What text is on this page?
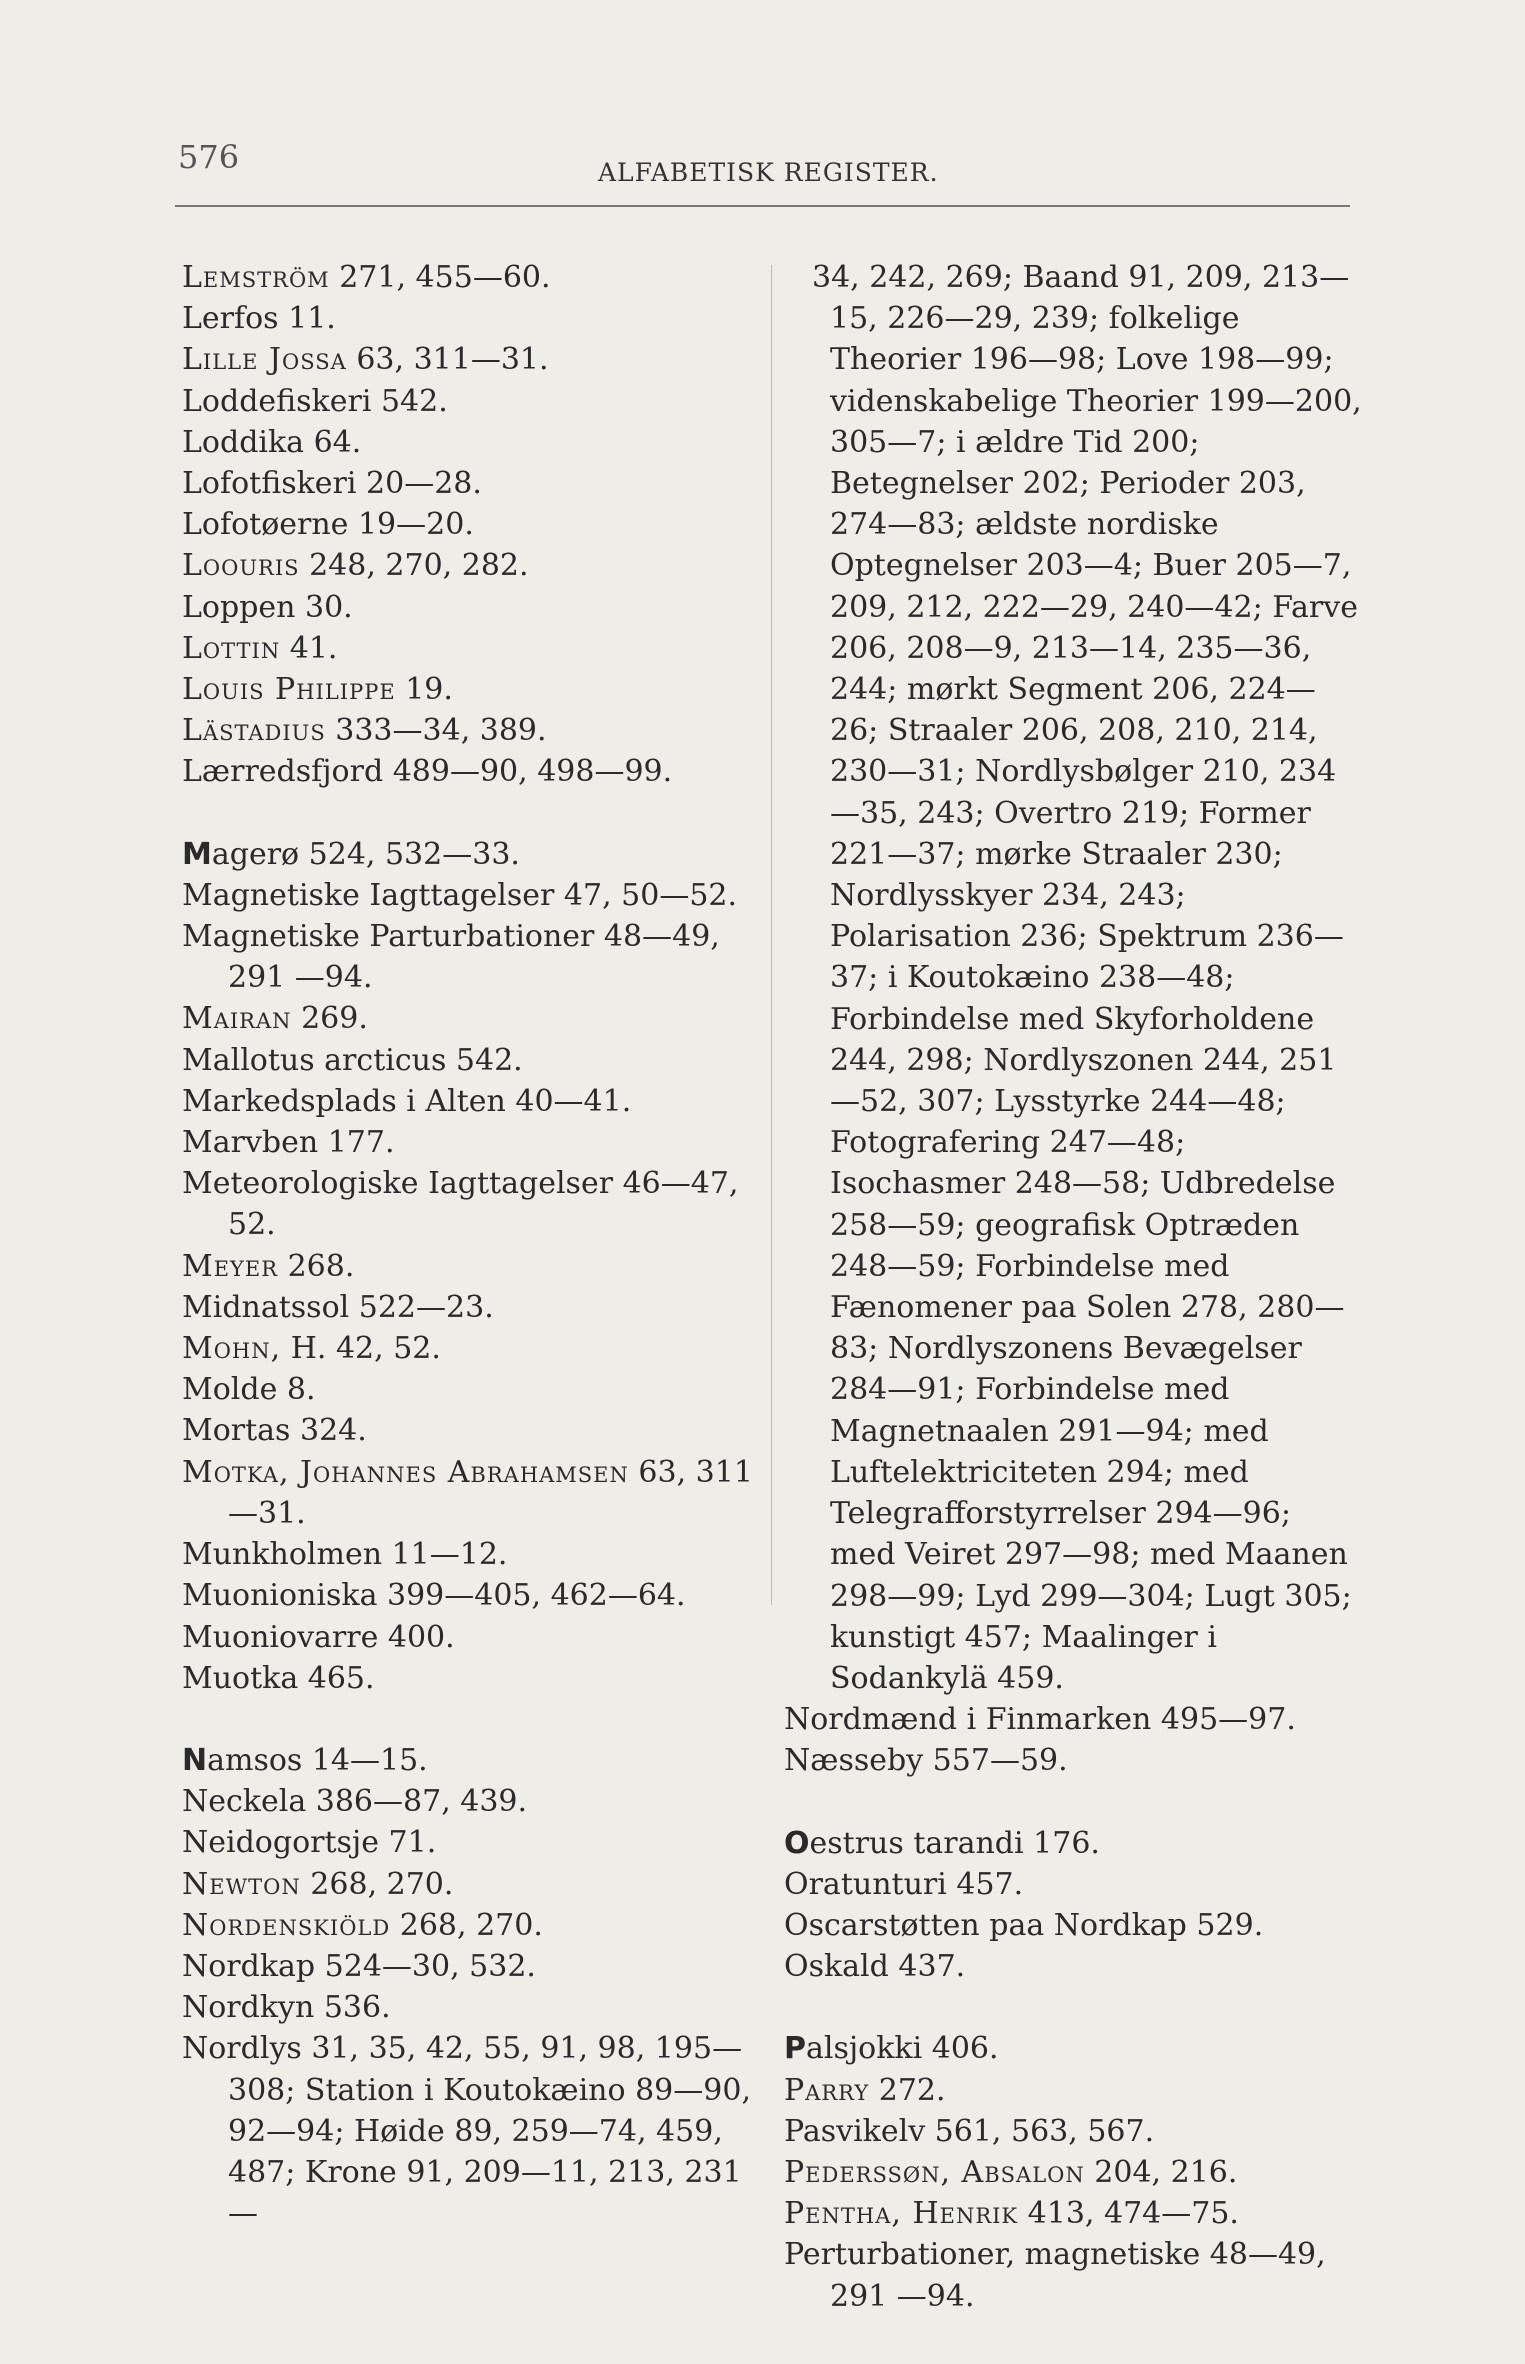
576	ALFABETISK REGISTER.

Lemström 271, 455—60.

Lerfos 11.

Lille Jossa 63, 311—31.

Loddefiskeri 542.

Loddika 64.

Lofotfiskeri 20—28.

Lofotøerne 19—20.

Loouris 248, 270, 282.

Loppen 30.

Lottin 41.

Louis Philippe 19.

Lästadius 333—34, 389.

Lærredsfjord 489—90, 498—99.

Magerø 524, 532—33.

Magnetiske Iagttagelser 47, 50—52.

Magnetiske Parturbationer 48—49, 291 —94.

Mairan 269.

Mallotus arcticus 542.

Markedsplads i Alten 40—41.

Marvben 177.

Meteorologiske Iagttagelser 46—47, 52.

Meyer 268.

Midnatssol 522—23.

Mohn, H. 42, 52.

Molde 8.

Mortas 324.

Motka, Johannes Abrahamsen 63, 311 —31.

Munkholmen 11—12.

Muonioniska 399—405, 462—64.

Muoniovarre 400.

Muotka 465.

Namsos 14—15.

Neckela 386—87, 439.

Neidogortsje 71.

Newton 268, 270.

Nordenskiöld 268, 270.

Nordkap 524—30, 532.

Nordkyn 536.

Nordlys 31, 35, 42, 55, 91, 98, 195—308; Station i Koutokæino 89—90, 92—94; Høide 89, 259—74, 459, 487; Krone 91, 209—11, 213, 231—

34, 242, 269; Baand 91, 209, 213—15, 226—29, 239; folkelige Theorier 196—98; Love 198—99; videnskabelige Theorier 199—200, 305—7; i ældre Tid 200; Betegnelser 202; Perioder 203, 274—83; ældste nordiske Optegnelser 203—4; Buer 205—7, 209, 212, 222—29, 240—42; Farve 206, 208—9, 213—14, 235—36, 244; mørkt Segment 206, 224—26; Straaler 206, 208, 210, 214, 230—31; Nordlysbølger 210, 234—35, 243; Overtro 219; Former 221—37; mørke Straaler 230; Nordlysskyer 234, 243; Polarisation 236; Spektrum 236—37; i Koutokæino 238—48; Forbindelse med Skyforholdene 244, 298; Nordlyszonen 244, 251—52, 307; Lysstyrke 244—48; Fotografering 247—48; Isochasmer 248—58; Udbredelse 258—59; geografisk Optræden 248—59; Forbindelse med Fænomener paa Solen 278, 280—83; Nordlyszonens Bevægelser 284—91; Forbindelse med Magnetnaalen 291—94; med Luftelektriciteten 294; med Telegrafforstyrrelser 294—96; med Veiret 297—98; med Maanen 298—99; Lyd 299—304; Lugt 305; kunstigt 457; Maalinger i Sodankylä 459.

Nordmænd i Finmarken 495—97.

Næsseby 557—59.

Oestrus tarandi 176.

Oratunturi 457.

Oscarstøtten paa Nordkap 529.

Oskald 437.

Palsjokki 406.

Parry 272.

Pasvikelv 561, 563, 567.

Pederssøn, Absalon 204, 216.

Pentha, Henrik 413, 474—75.

Perturbationer, magnetiske 48—49, 291 —94.
